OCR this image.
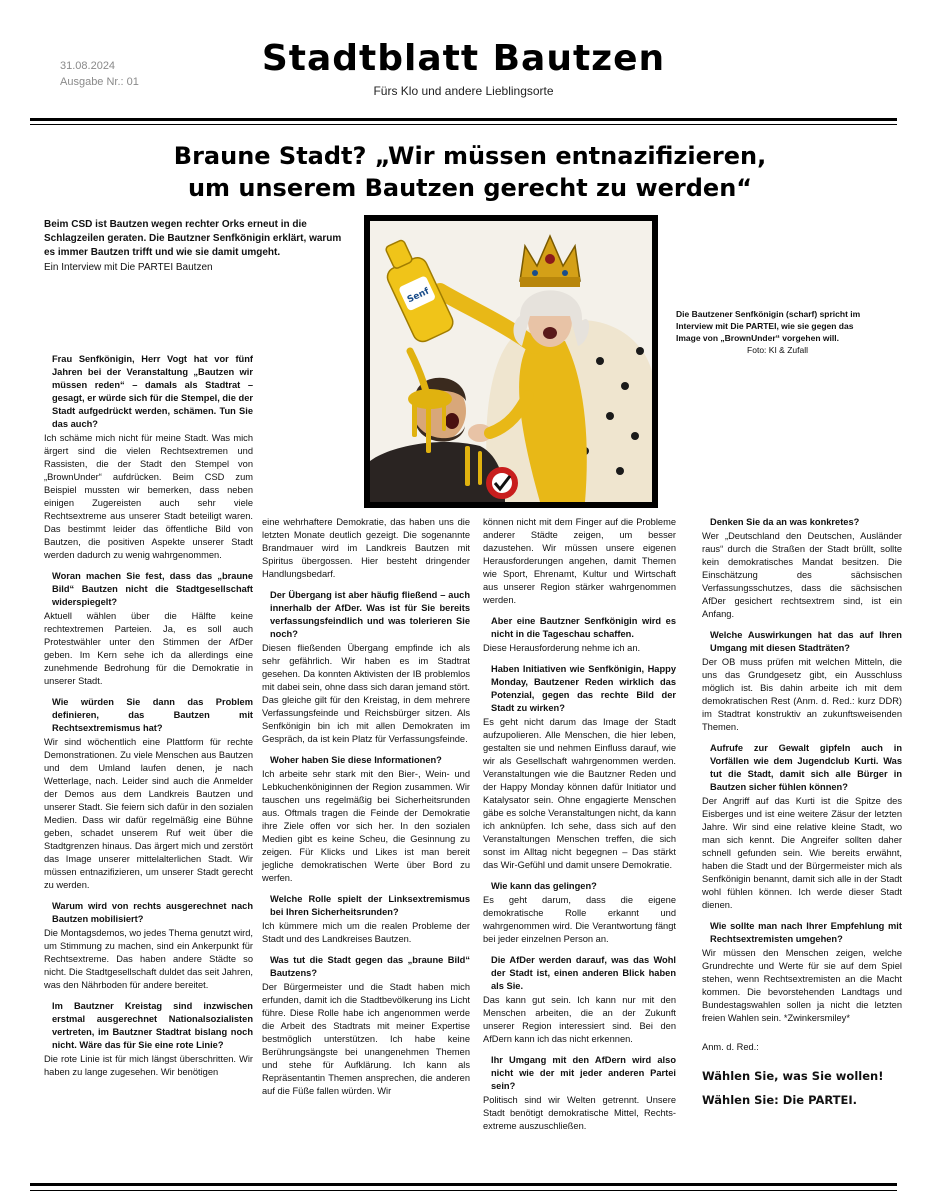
31.08.2024
Ausgabe Nr.: 01
Stadtblatt Bautzen
Fürs Klo und andere Lieblingsorte
Braune Stadt? „Wir müssen entnazifizieren,
um unserem Bautzen gerecht zu werden“
Beim CSD ist Bautzen wegen rechter Orks erneut in die Schlagzeilen geraten. Die Bautzner Senfkönigin erklärt, warum es immer Bautzen trifft und wie sie damit umgeht.
Ein Interview mit Die PARTEI Bautzen
Senf
Die Bautzener Senfkönigin (scharf) spricht im Interview mit Die PARTEI, wie sie gegen das Image von „BrownUnder“ vorgehen will.
Foto: KI & Zufall

Frau Senfkönigin, Herr Vogt hat vor fünf Jahren bei der Veranstaltung „Bautzen wir müssen reden“ – damals als Stadtrat – gesagt, er würde sich für die Stempel, die der Stadt aufgedrückt werden, schämen. Tun Sie das auch?

Ich schäme mich nicht für meine Stadt. Was mich ärgert sind die vielen Rechtsextremen und Rassisten, die der Stadt den Stempel von „BrownUnder“ aufdrücken. Beim CSD zum Beispiel mussten wir bemerken, dass neben einigen Zugereisten auch sehr viele Rechtsextreme aus unserer Stadt beteiligt waren. Das bestimmt leider das öffentliche Bild von Bautzen, die positiven Aspekte unserer Stadt werden dadurch zu wenig wahrgenommen.

Woran machen Sie fest, dass das „braune Bild“ Bautzen nicht die Stadtgesellschaft widerspiegelt?

Aktuell wählen über die Hälfte keine rechtextremen Parteien. Ja, es soll auch Protestwähler unter den Stimmen der AfDer geben. Im Kern sehe ich da allerdings eine zunehmende Bedrohung für die Demokratie in unserer Stadt.

Wie würden Sie dann das Problem definieren, das Bautzen mit Rechtsextremismus hat?

Wir sind wöchentlich eine Plattform für rechte Demonstrationen. Zu viele Menschen aus Bautzen und dem Umland laufen denen, je nach Wetterlage, nach. Leider sind auch die Anmelder der Demos aus dem Landkreis Bautzen und unserer Stadt. Sie feiern sich dafür in den sozialen Medien. Dass wir dafür regelmäßig eine Bühne geben, schadet unserem Ruf weit über die Stadtgrenzen hinaus. Das ärgert mich und zerstört das Image unserer mittelalterlichen Stadt. Wir müssen entnazifizieren, um unserer Stadt gerecht zu werden.

Warum wird von rechts ausgerechnet nach Bautzen mobilisiert?

Die Montagsdemos, wo jedes Thema genutzt wird, um Stimmung zu machen, sind ein Ankerpunkt für Rechtsextreme. Das haben andere Städte so nicht. Die Stadtgesellschaft duldet das seit Jahren, was den Nährboden für andere bereitet.

Im Bautzner Kreistag sind inzwischen erstmal ausgerechnet Nationalsozialisten vertreten, im Bautzner Stadtrat bislang noch nicht. Wäre das für Sie eine rote Linie?

Die rote Linie ist für mich längst überschritten. Wir haben zu lange zugesehen. Wir benötigen

eine wehrhaftere Demokratie, das haben uns die letzten Monate deutlich gezeigt. Die sogenannte Brandmauer wird im Landkreis Bautzen mit Spiritus übergossen. Hier besteht dringender Handlungsbedarf.

Der Übergang ist aber häufig fließend – auch innerhalb der AfDer. Was ist für Sie bereits verfassungsfeindlich und was tolerieren Sie noch?

Diesen fließenden Übergang empfinde ich als sehr gefährlich. Wir haben es im Stadtrat gesehen. Da konnten Aktivisten der IB problemlos mit dabei sein, ohne dass sich daran jemand stört. Das gleiche gilt für den Kreistag, in dem mehrere Verfassungsfeinde und Reichsbürger sitzen. Als Senfkönigin bin ich mit allen Demokraten im Gespräch, da ist kein Platz für Verfassungsfeinde.

Woher haben Sie diese Informationen?

Ich arbeite sehr stark mit den Bier-, Wein- und Lebkuchenköniginnen der Region zusammen. Wir tauschen uns regelmäßig bei Sicherheitsrunden aus. Oftmals tragen die Feinde der Demokratie ihre Ziele offen vor sich her. In den sozialen Medien gibt es keine Scheu, die Gesinnung zu zeigen. Für Klicks und Likes ist man bereit jegliche demokratischen Werte über Bord zu werfen.

Welche Rolle spielt der Linksextremismus bei Ihren Sicherheitsrunden?

Ich kümmere mich um die realen Probleme der Stadt und des Landkreises Bautzen.

Was tut die Stadt gegen das „braune Bild“ Bautzens?

Der Bürgermeister und die Stadt haben mich erfunden, damit ich die Stadtbevölkerung ins Licht führe. Diese Rolle habe ich angenommen werde die Arbeit des Stadtrats mit meiner Expertise bestmöglich unterstützen. Ich habe keine Berührungsängste bei unangenehmen Themen und stehe für Aufklärung. Ich kann als Repräsentantin Themen ansprechen, die anderen auf die Füße fallen würden. Wir

können nicht mit dem Finger auf die Probleme anderer Städte zeigen, um besser dazustehen. Wir müssen unsere eigenen Herausforderungen angehen, damit Themen wie Sport, Ehrenamt, Kultur und Wirtschaft aus unserer Region stärker wahrgenommen werden.

Aber eine Bautzner Senfkönigin wird es nicht in die Tageschau schaffen.

Diese Herausforderung nehme ich an.

Haben Initiativen wie Senfkönigin, Happy Monday, Bautzener Reden wirklich das Potenzial, gegen das rechte Bild der Stadt zu wirken?

Es geht nicht darum das Image der Stadt aufzupolieren. Alle Menschen, die hier leben, gestalten sie und nehmen Einfluss darauf, wie wir als Gesellschaft wahrgenommen werden. Veranstaltungen wie die Bautzner Reden und der Happy Monday können dafür Initiator und Katalysator sein. Ohne engagierte Menschen gäbe es solche Veranstaltungen nicht, da kann ich anknüpfen. Ich sehe, dass sich auf den Veranstaltungen Menschen treffen, die sich sonst im Alltag nicht begegnen – Das stärkt das Wir-Gefühl und damit unsere Demokratie.

Wie kann das gelingen?

Es geht darum, dass die eigene demokratische Rolle erkannt und wahrgenommen wird. Die Verantwortung fängt bei jeder einzelnen Person an.

Die AfDer werden darauf, was das Wohl der Stadt ist, einen anderen Blick haben als Sie.

Das kann gut sein. Ich kann nur mit den Menschen arbeiten, die an der Zukunft unserer Region interessiert sind. Bei den AfDern kann ich das nicht erkennen.

Ihr Umgang mit den AfDern wird also nicht wie der mit jeder anderen Partei sein?

Politisch sind wir Welten getrennt. Unsere Stadt benötigt demokratische Mittel, Rechts-extreme auszuschließen.

Denken Sie da an was konkretes?

Wer „Deutschland den Deutschen, Ausländer raus“ durch die Straßen der Stadt brüllt, sollte kein demokratisches Mandat besitzen. Die Einschätzung des sächsischen Verfassungsschutzes, dass die sächsischen AfDer gesichert rechtsextrem sind, ist ein Anfang.

Welche Auswirkungen hat das auf Ihren Umgang mit diesen Stadträten?

Der OB muss prüfen mit welchen Mitteln, die uns das Grundgesetz gibt, ein Ausschluss möglich ist. Bis dahin arbeite ich mit dem demokratischen Rest (Anm. d. Red.: kurz DDR) im Stadtrat konstruktiv an zukunftsweisenden Themen.

Aufrufe zur Gewalt gipfeln auch in Vorfällen wie dem Jugendclub Kurti. Was tut die Stadt, damit sich alle Bürger in Bautzen sicher fühlen können?

Der Angriff auf das Kurti ist die Spitze des Eisberges und ist eine weitere Zäsur der letzten Jahre. Wir sind eine relative kleine Stadt, wo man sich kennt. Die Angreifer sollten daher schnell gefunden sein. Wie bereits erwähnt, haben die Stadt und der Bürgermeister mich als Senfkönigin benannt, damit sich alle in der Stadt wohl fühlen können. Ich werde dieser Stadt dienen.

Wie sollte man nach Ihrer Empfehlung mit Rechtsextremisten umgehen?

Wir müssen den Menschen zeigen, welche Grundrechte und Werte für sie auf dem Spiel stehen, wenn Rechtsextremisten an die Macht kommen. Die bevorstehenden Landtags und Bundestagswahlen sollen ja nicht die letzten freien Wahlen sein. *Zwinkersmiley*

Anm. d. Red.:
Wählen Sie, was Sie wollen!
Wählen Sie: Die PARTEI.
